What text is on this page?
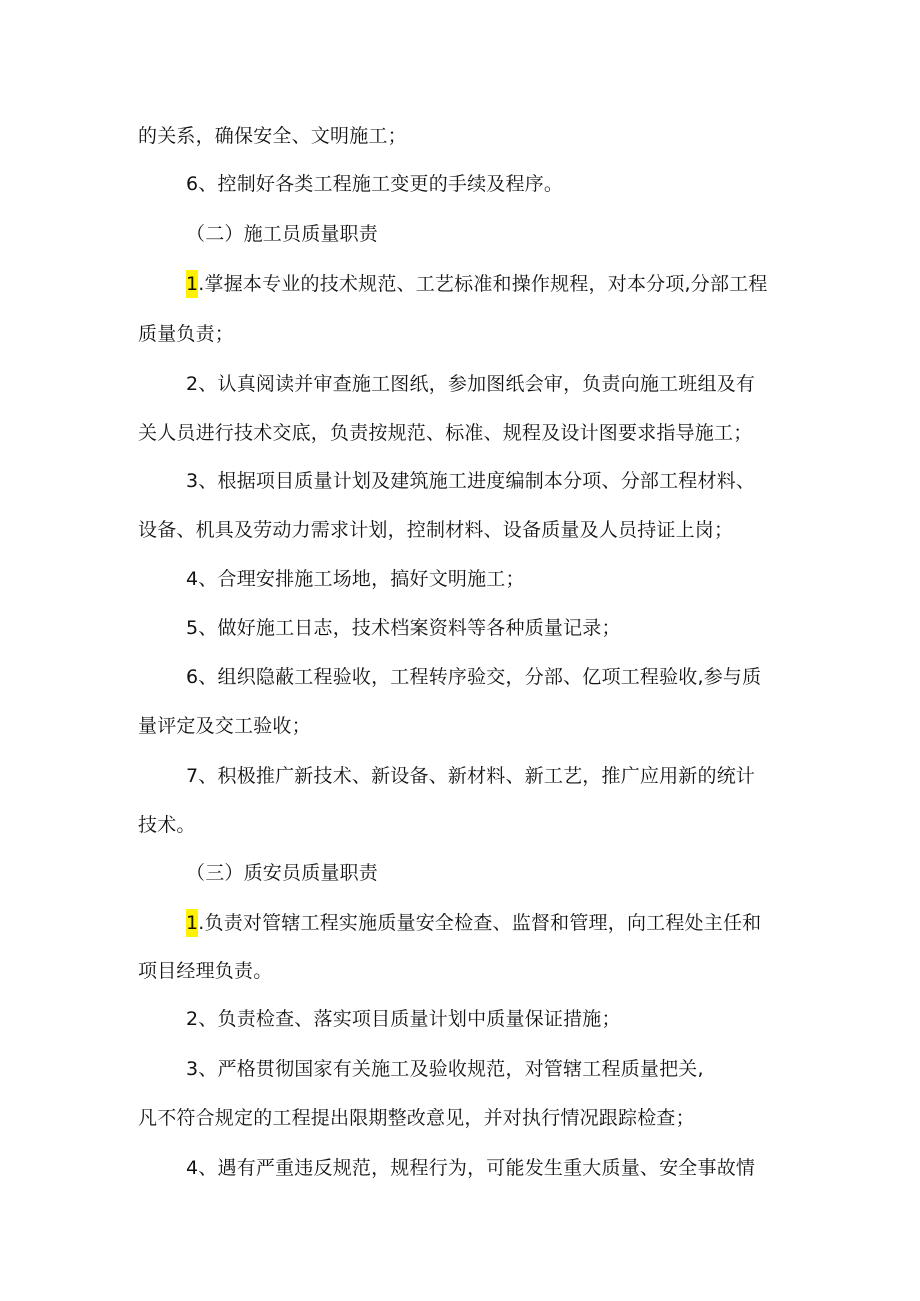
的关系，确保安全、文明施工；
6、控制好各类工程施工变更的手续及程序。
（二）施工员质量职责
1.掌握本专业的技术规范、工艺标准和操作规程，对本分项,分部工程
质量负责；
2、认真阅读并审查施工图纸，参加图纸会审，负责向施工班组及有
关人员进行技术交底，负责按规范、标准、规程及设计图要求指导施工；
3、根据项目质量计划及建筑施工进度编制本分项、分部工程材料、
设备、机具及劳动力需求计划，控制材料、设备质量及人员持证上岗；
4、合理安排施工场地，搞好文明施工；
5、做好施工日志，技术档案资料等各种质量记录；
6、组织隐蔽工程验收，工程转序验交，分部、亿项工程验收,参与质
量评定及交工验收；
7、积极推广新技术、新设备、新材料、新工艺，推广应用新的统计
技术。
（三）质安员质量职责
1.负责对管辖工程实施质量安全检查、监督和管理，向工程处主任和
项目经理负责。
2、负责检查、落实项目质量计划中质量保证措施；
3、严格贯彻国家有关施工及验收规范，对管辖工程质量把关,
凡不符合规定的工程提出限期整改意见，并对执行情况跟踪检查；
4、遇有严重违反规范，规程行为，可能发生重大质量、安全事故情
